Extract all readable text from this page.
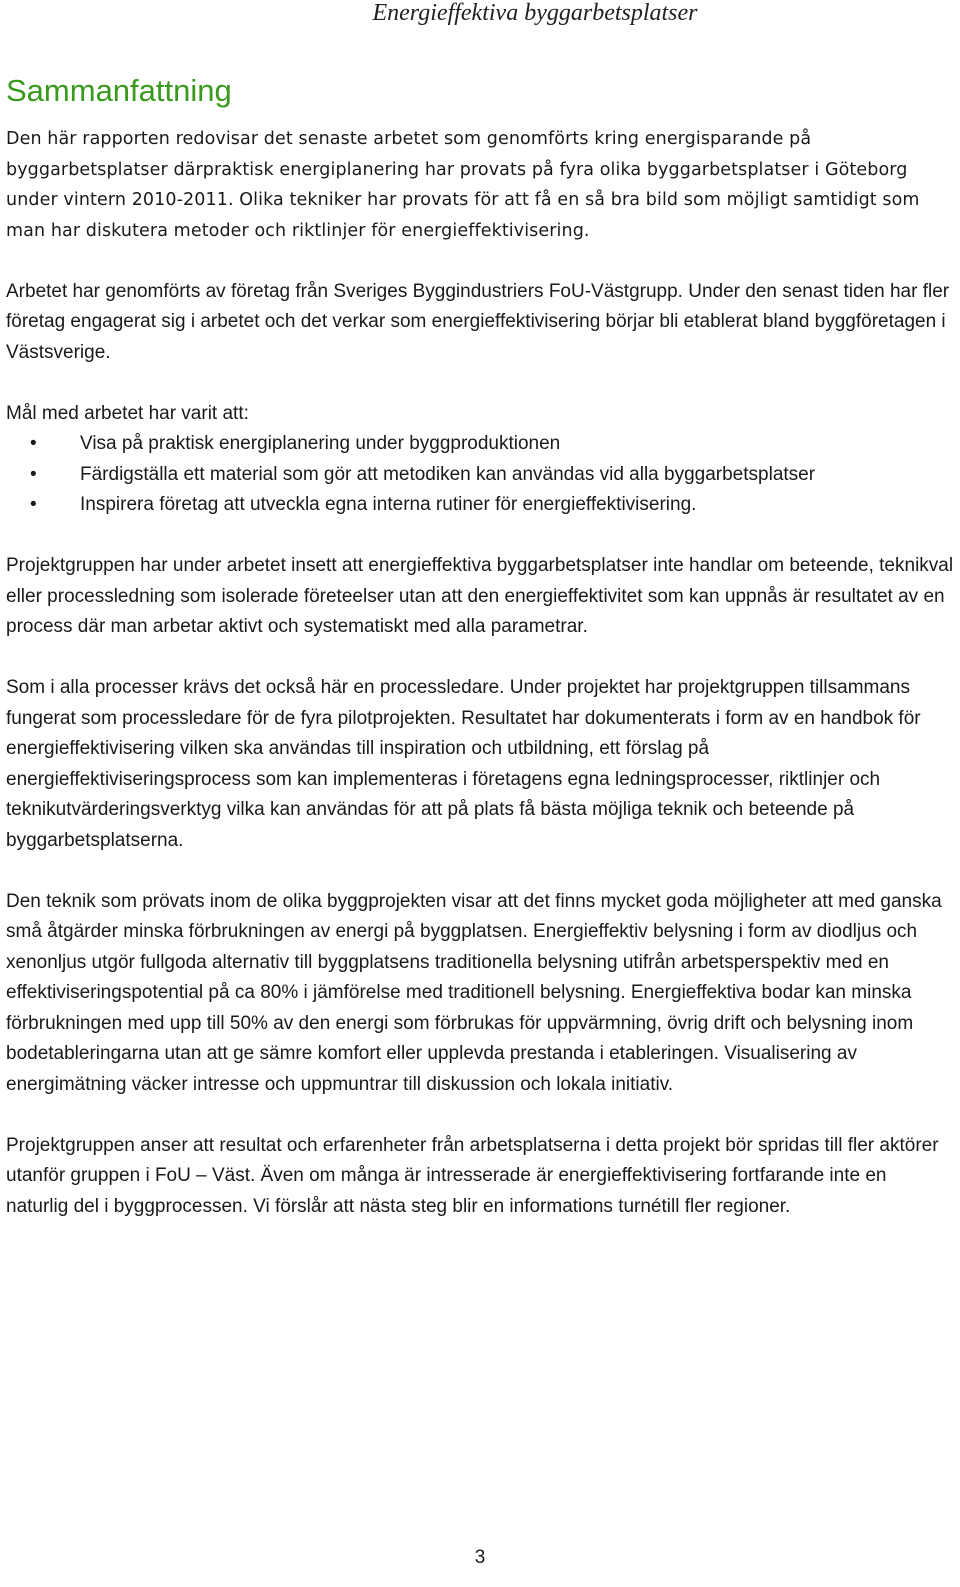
Energieffektiva byggarbetsplatser
Sammanfattning

Den här rapporten redovisar det senaste arbetet som genomförts kring energisparande på byggarbetsplatser därpraktisk energiplanering har provats på fyra olika byggarbetsplatser i Göteborg under vintern 2010-2011. Olika tekniker har provats för att få en så bra bild som möjligt samtidigt som man har diskutera metoder och riktlinjer för energieffektivisering.

Arbetet har genomförts av företag från Sveriges Byggindustriers FoU-Västgrupp. Under den senast tiden har fler företag engagerat sig i arbetet och det verkar som energieffektivisering börjar bli etablerat bland byggföretagen i Västsverige.

Mål med arbetet har varit att:

•	Visa på praktisk energiplanering under byggproduktionen
•	Färdigställa ett material som gör att metodiken kan användas vid alla byggarbetsplatser
•	Inspirera företag att utveckla egna interna rutiner för energieffektivisering.

Projektgruppen har under arbetet insett att energieffektiva byggarbetsplatser inte handlar om beteende, teknikval eller processledning som isolerade företeelser utan att den energieffektivitet som kan uppnås är resultatet av en process där man arbetar aktivt och systematiskt med alla parametrar.

Som i alla processer krävs det också här en processledare. Under projektet har projektgruppen tillsammans fungerat som processledare för de fyra pilotprojekten. Resultatet har dokumenterats i form av en handbok för energieffektivisering vilken ska användas till inspiration och utbildning, ett förslag på energieffektiviseringsprocess som kan implementeras i företagens egna ledningsprocesser, riktlinjer och teknikutvärderingsverktyg vilka kan användas för att på plats få bästa möjliga teknik och beteende på byggarbetsplatserna.

Den teknik som prövats inom de olika byggprojekten visar att det finns mycket goda möjligheter att med ganska små åtgärder minska förbrukningen av energi på byggplatsen. Energieffektiv belysning i form av diodljus och xenonljus utgör fullgoda alternativ till byggplatsens traditionella belysning utifrån arbetsperspektiv med en effektiviseringspotential på ca 80% i jämförelse med traditionell belysning. Energieffektiva bodar kan minska förbrukningen med upp till 50% av den energi som förbrukas för uppvärmning, övrig drift och belysning inom bodetableringarna utan att ge sämre komfort eller upplevda prestanda i etableringen. Visualisering av energimätning väcker intresse och uppmuntrar till diskussion och lokala initiativ.

Projektgruppen anser att resultat och erfarenheter från arbetsplatserna i detta projekt bör spridas till fler aktörer utanför gruppen i FoU – Väst. Även om många är intresserade är energieffektivisering fortfarande inte en naturlig del i byggprocessen. Vi förslår att nästa steg blir en informations turnétill fler regioner.

3
